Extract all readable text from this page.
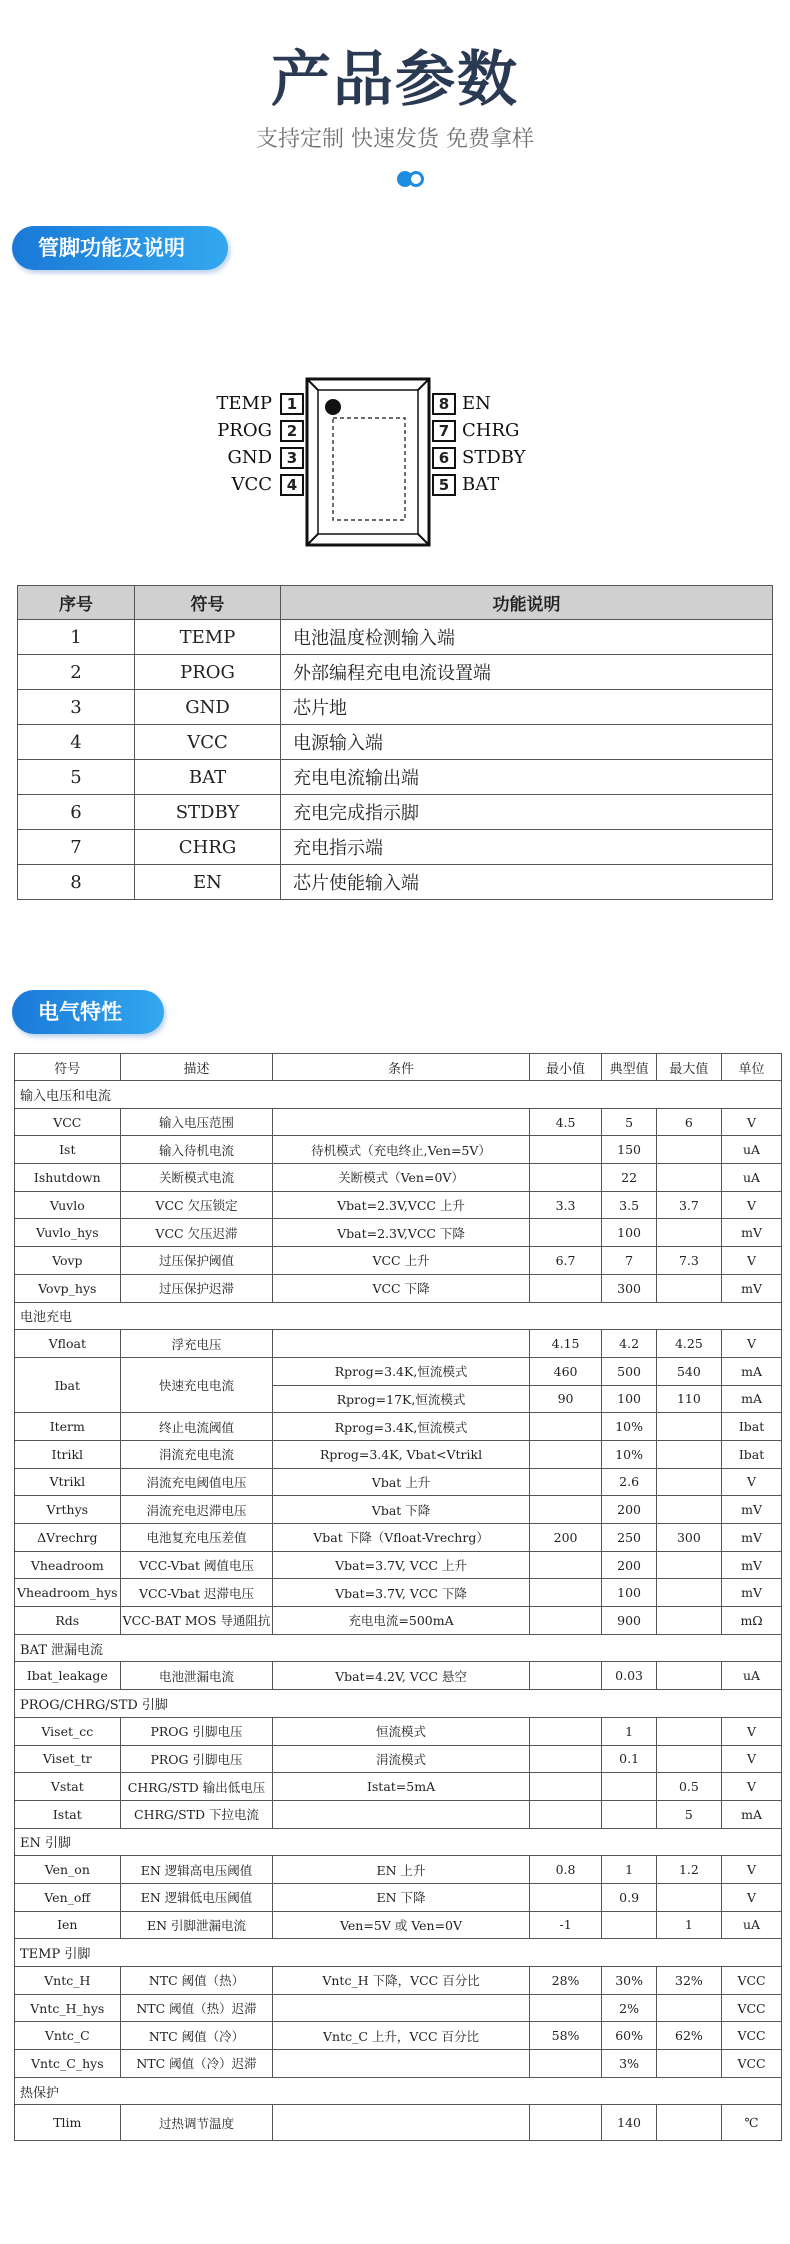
产品参数
支持定制 快速发货 免费拿样
管脚功能及说明
1
TEMP
2
PROG
3
GND
4
VCC
8 EN
7 CHRG
6 STDBY
5 BAT
序号	符号	功能说明
1	TEMP	电池温度检测输入端
2	PROG	外部编程充电电流设置端
3	GND	芯片地
4	VCC	电源输入端
5	BAT	充电电流输出端
6	STDBY	充电完成指示脚
7	CHRG	充电指示端
8	EN	芯片使能输入端
电气特性
符号	描述	条件	最小值	典型值	最大值	单位
输入电压和电流						
VCC	输入电压范围		4.5	5	6	V
Ist	输入待机电流	待机模式（充电终止,Ven=5V）		150		uA
Ishutdown	关断模式电流	关断模式（Ven=0V）		22		uA
Vuvlo	VCC 欠压锁定	Vbat=2.3V,VCC 上升	3.3	3.5	3.7	V
Vuvlo_hys	VCC 欠压迟滞	Vbat=2.3V,VCC 下降		100		mV
Vovp	过压保护阈值	VCC 上升	6.7	7	7.3	V
Vovp_hys	过压保护迟滞	VCC 下降		300		mV
电池充电						
Vfloat	浮充电压		4.15	4.2	4.25	V
Ibat	快速充电电流	Rprog=3.4K,恒流模式	460	500	540	mA
		Rprog=17K,恒流模式	90	100	110	mA
Iterm	终止电流阈值	Rprog=3.4K,恒流模式		10%		Ibat
Itrikl	涓流充电电流	Rprog=3.4K, Vbat<Vtrikl		10%		Ibat
Vtrikl	涓流充电阈值电压	Vbat 上升		2.6		V
Vrthys	涓流充电迟滞电压	Vbat 下降		200		mV
ΔVrechrg	电池复充电压差值	Vbat 下降（Vfloat-Vrechrg）	200	250	300	mV
Vheadroom	VCC-Vbat 阈值电压	Vbat=3.7V, VCC 上升		200		mV
Vheadroom_hys	VCC-Vbat 迟滞电压	Vbat=3.7V, VCC 下降		100		mV
Rds	VCC-BAT MOS 导通阻抗	充电电流=500mA		900		mΩ
BAT 泄漏电流						
Ibat_leakage	电池泄漏电流	Vbat=4.2V, VCC 悬空		0.03		uA
PROG/CHRG/STD 引脚						
Viset_cc	PROG 引脚电压	恒流模式		1		V
Viset_tr	PROG 引脚电压	涓流模式		0.1		V
Vstat	CHRG/STD 输出低电压	Istat=5mA			0.5	V
Istat	CHRG/STD 下拉电流				5	mA
EN 引脚						
Ven_on	EN 逻辑高电压阈值	EN 上升	0.8	1	1.2	V
Ven_off	EN 逻辑低电压阈值	EN 下降		0.9		V
Ien	EN 引脚泄漏电流	Ven=5V 或 Ven=0V	-1		1	uA
TEMP 引脚						
Vntc_H	NTC 阈值（热）	Vntc_H 下降，VCC 百分比	28%	30%	32%	VCC
Vntc_H_hys	NTC 阈值（热）迟滞			2%		VCC
Vntc_C	NTC 阈值（冷）	Vntc_C 上升，VCC 百分比	58%	60%	62%	VCC
Vntc_C_hys	NTC 阈值（冷）迟滞			3%		VCC
热保护						
Tlim	过热调节温度			140		℃
